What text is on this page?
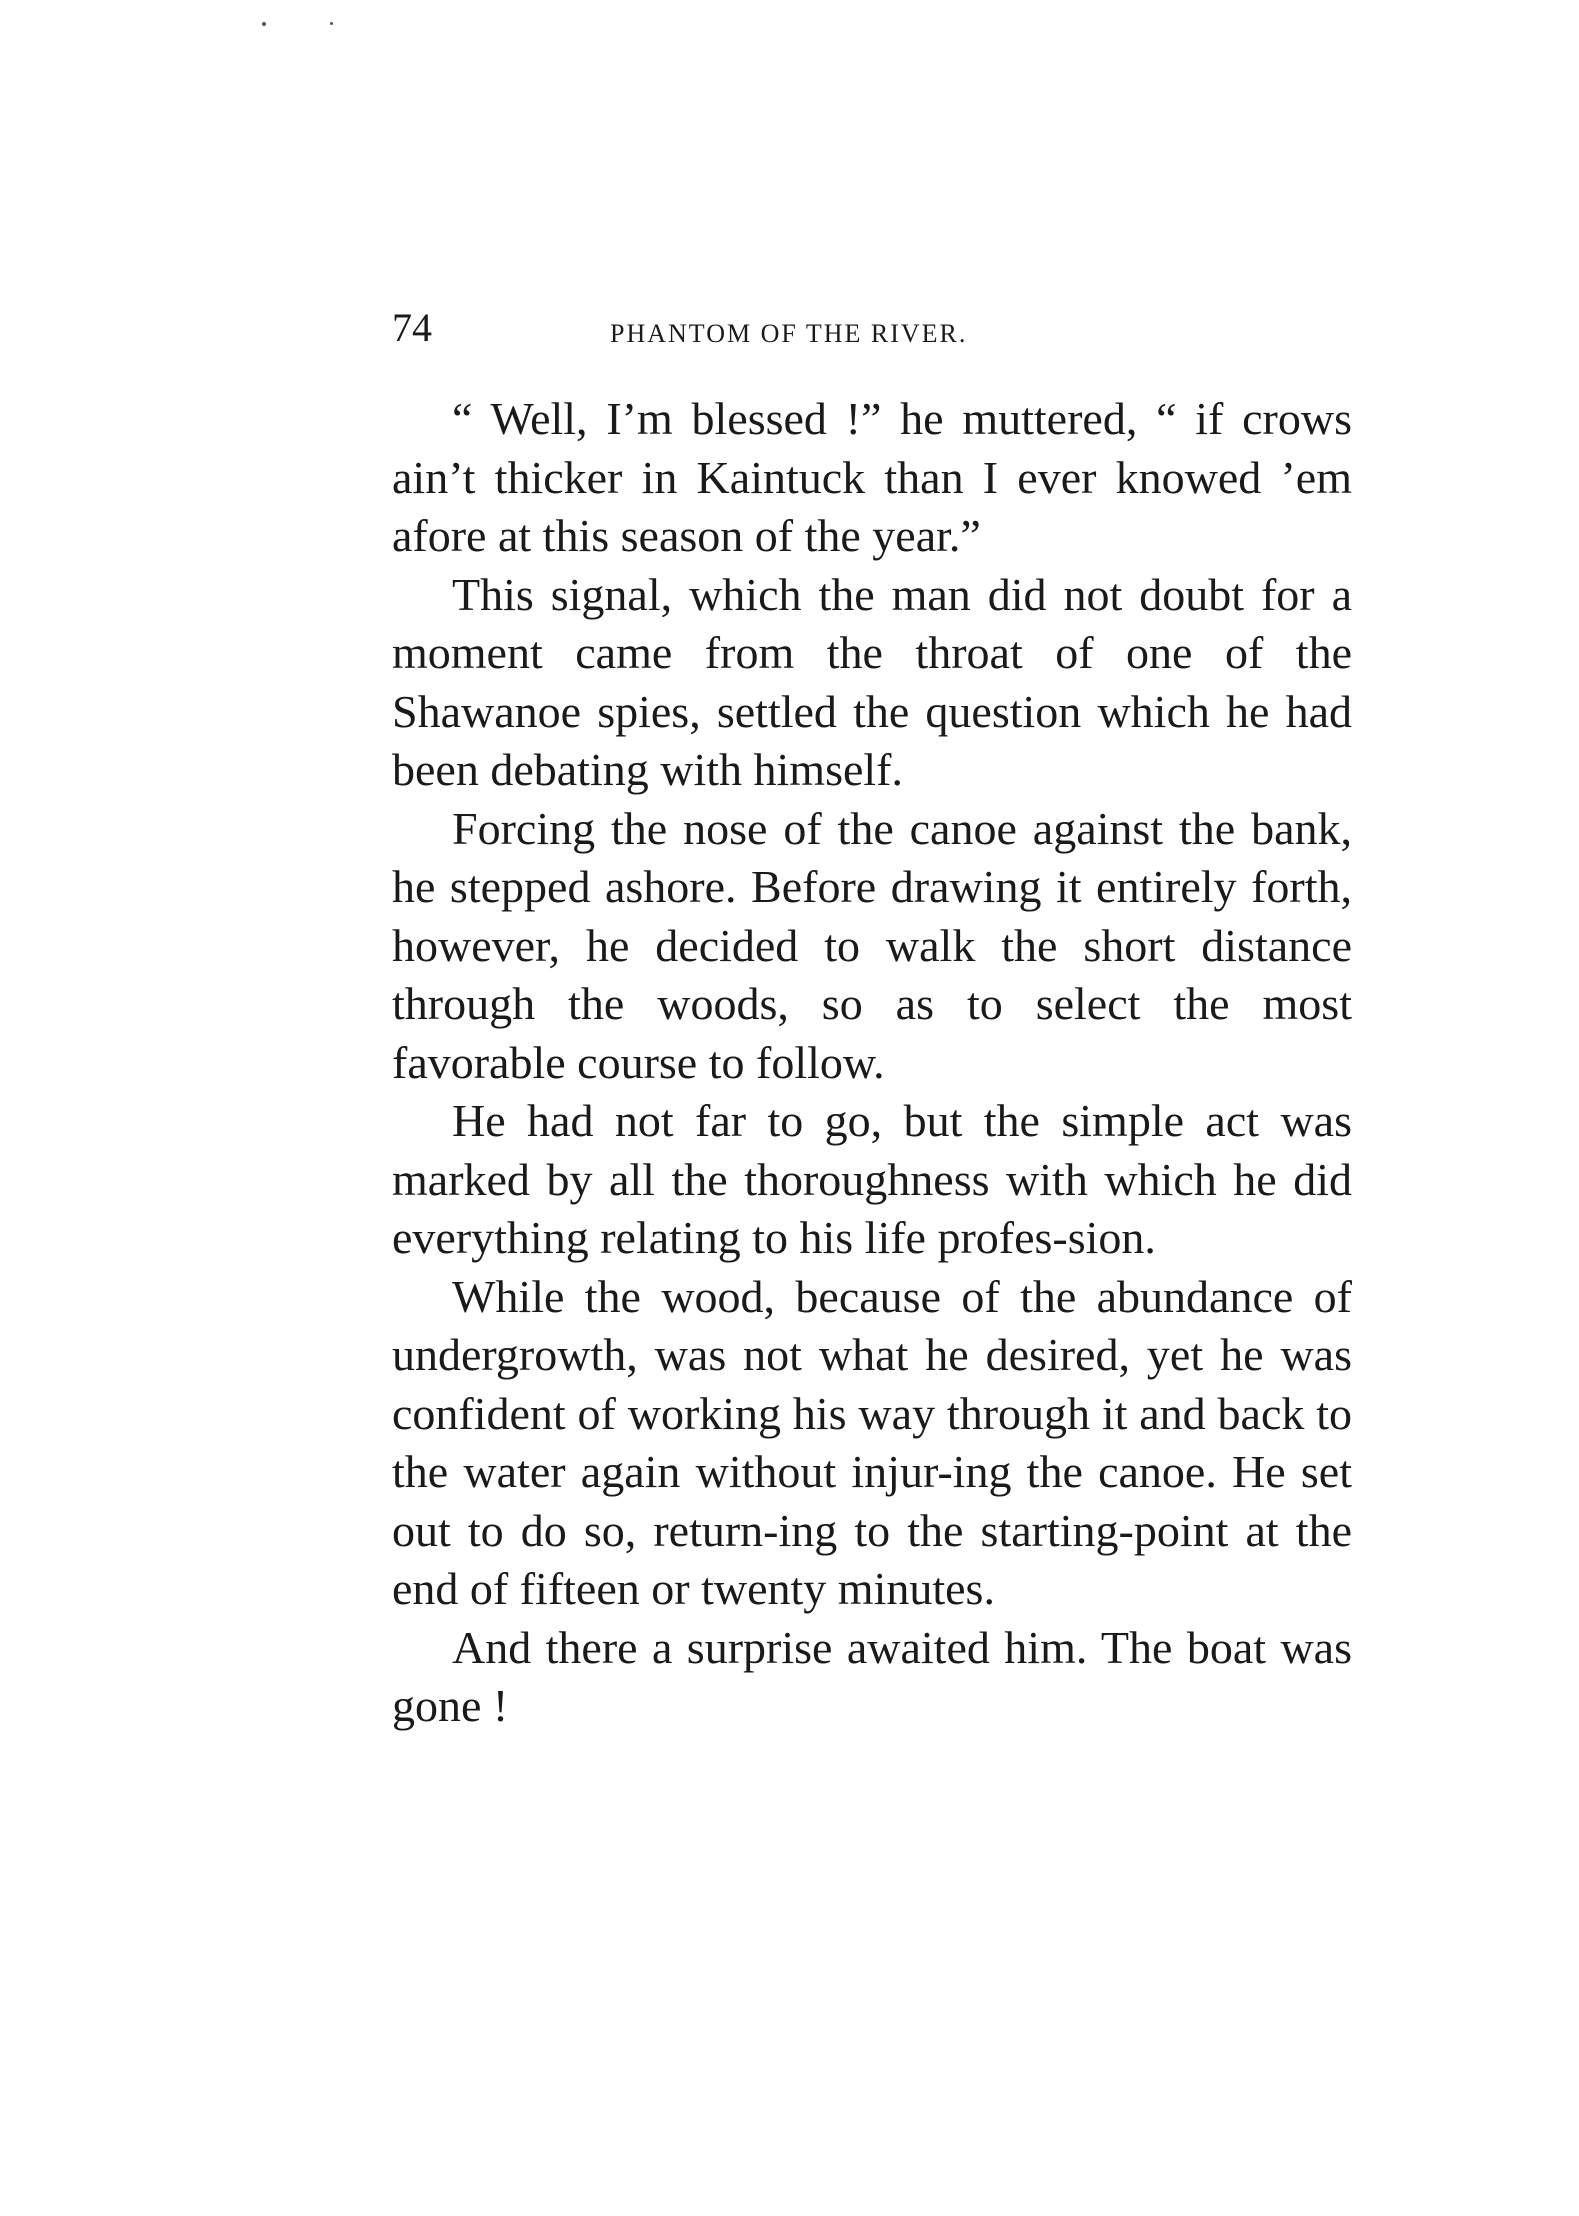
74	PHANTOM OF THE RIVER.

“ Well, I’m blessed !” he muttered, “ if crows ain’t thicker in Kaintuck than I ever knowed ’em afore at this season of the year.”

This signal, which the man did not doubt for a moment came from the throat of one of the Shawanoe spies, settled the question which he had been debating with himself.

Forcing the nose of the canoe against the bank, he stepped ashore. Before drawing it entirely forth, however, he decided to walk the short distance through the woods, so as to select the most favorable course to follow.

He had not far to go, but the simple act was marked by all the thoroughness with which he did everything relating to his life profes-sion.

While the wood, because of the abundance of undergrowth, was not what he desired, yet he was confident of working his way through it and back to the water again without injur-ing the canoe. He set out to do so, return-ing to the starting-point at the end of fifteen or twenty minutes.

And there a surprise awaited him. The boat was gone !
